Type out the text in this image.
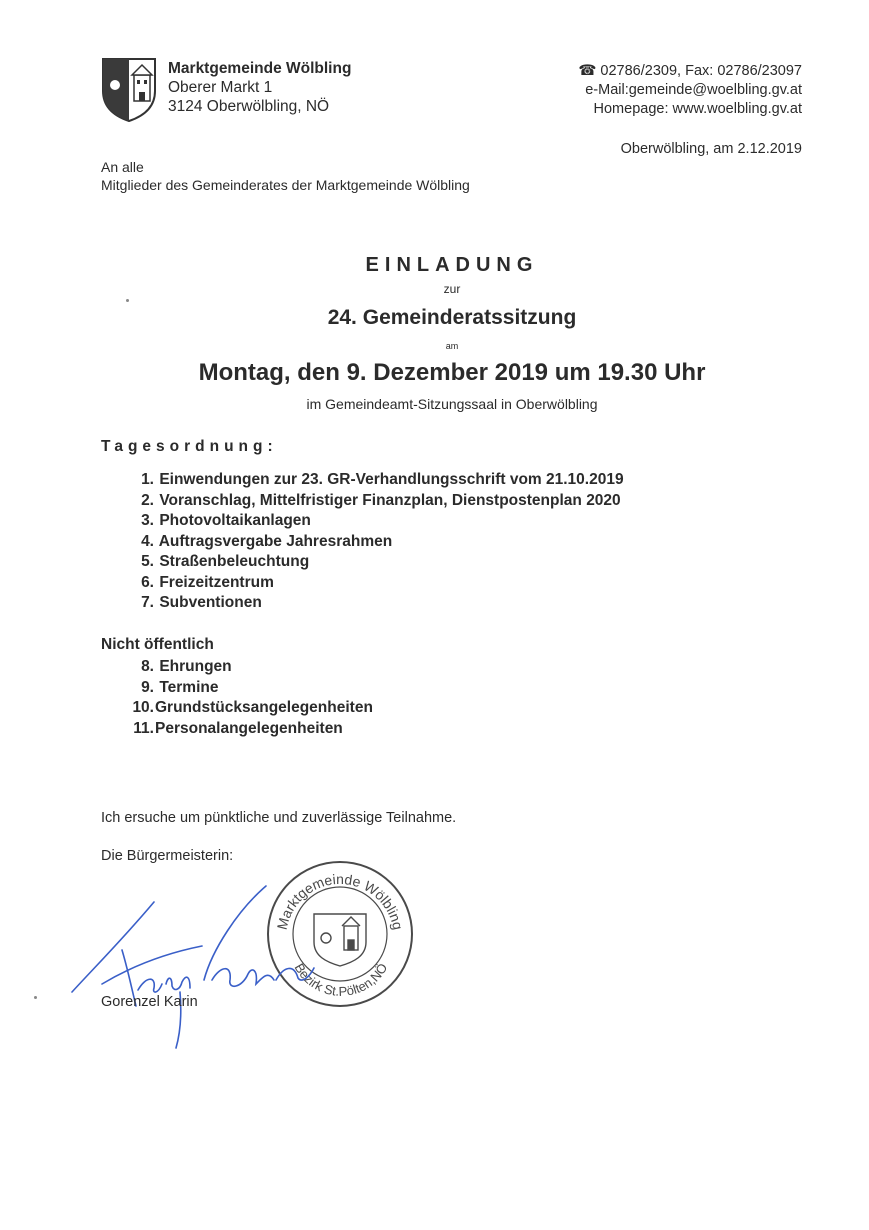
Marktgemeinde Wölbling
Oberer Markt 1
3124 Oberwölbling, NÖ
☎ 02786/2309, Fax: 02786/23097
e-Mail:gemeinde@woelbling.gv.at
Homepage: www.woelbling.gv.at
Oberwölbling, am 2.12.2019
An alle
Mitglieder des Gemeinderates der Marktgemeinde Wölbling
EINLADUNG
zur
24. Gemeinderatssitzung
am
Montag, den 9. Dezember 2019 um 19.30 Uhr
im Gemeindeamt-Sitzungssaal in Oberwölbling
Tagesordnung:
1. Einwendungen zur 23. GR-Verhandlungsschrift vom 21.10.2019
2. Voranschlag, Mittelfristiger Finanzplan, Dienstpostenplan 2020
3. Photovoltaikanlagen
4. Auftragsvergabe Jahresrahmen
5. Straßenbeleuchtung
6. Freizeitzentrum
7. Subventionen
Nicht öffentlich
8. Ehrungen
9. Termine
10.Grundstücksangelegenheiten
11.Personalangelegenheiten
Ich ersuche um pünktliche und zuverlässige Teilnahme.
Die Bürgermeisterin:
Marktgemeinde Wölbling
Bezirk St.Pölten,NÖ
Gorenzel Karin
